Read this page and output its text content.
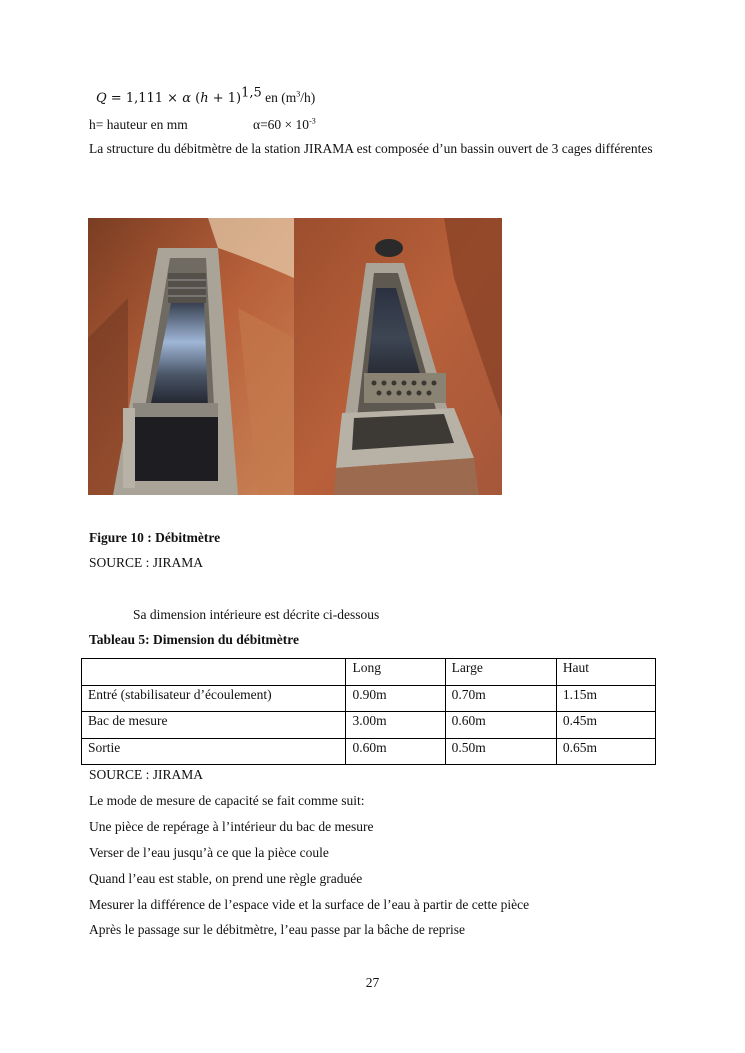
Q = 1,111 × α $(h + 1)^{1,5}$ en $(m^3/h)$
h= hauteur en mm	$\alpha=60 \times 10^{-3}$
La structure du débitmètre de la station JIRAMA est composée d’un bassin ouvert de 3 cages différentes
Figure 10 : Débitmètre
SOURCE : JIRAMA
Sa dimension intérieure est décrite ci-dessous
Tableau 5: Dimension du débitmètre
	Long	Large	Haut
Entré (stabilisateur d’écoulement)	0.90m	0.70m	1.15m
Bac de mesure	3.00m	0.60m	0.45m
Sortie	0.60m	0.50m	0.65m
SOURCE : JIRAMA
Le mode de mesure de capacité se fait comme suit:
Une pièce de repérage à l’intérieur du bac de mesure
Verser de l’eau jusqu’à ce que la pièce coule
Quand l’eau est stable, on prend une règle graduée
Mesurer la différence de l’espace vide et la surface de l’eau à partir de cette pièce
Après le passage sur le débitmètre, l’eau passe par la bâche de reprise
27
